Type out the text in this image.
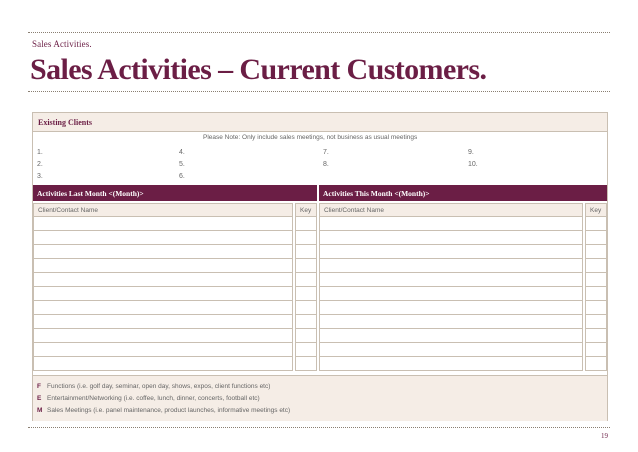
Sales Activities.
Sales Activities – Current Customers.
Existing Clients
Please Note: Only include sales meetings, not business as usual meetings
1.
2.
3.
4.
5.
6.
7.
8.
9.
10.
Activities Last Month <(Month)>	Activities This Month <(Month)>
Client/Contact Name	Key	Client/Contact Name	Key
F Functions (i.e. golf day, seminar, open day, shows, expos, client functions etc)
E Entertainment/Networking (i.e. coffee, lunch, dinner, concerts, football etc)
M Sales Meetings (i.e. panel maintenance, product launches, informative meetings etc)
19
